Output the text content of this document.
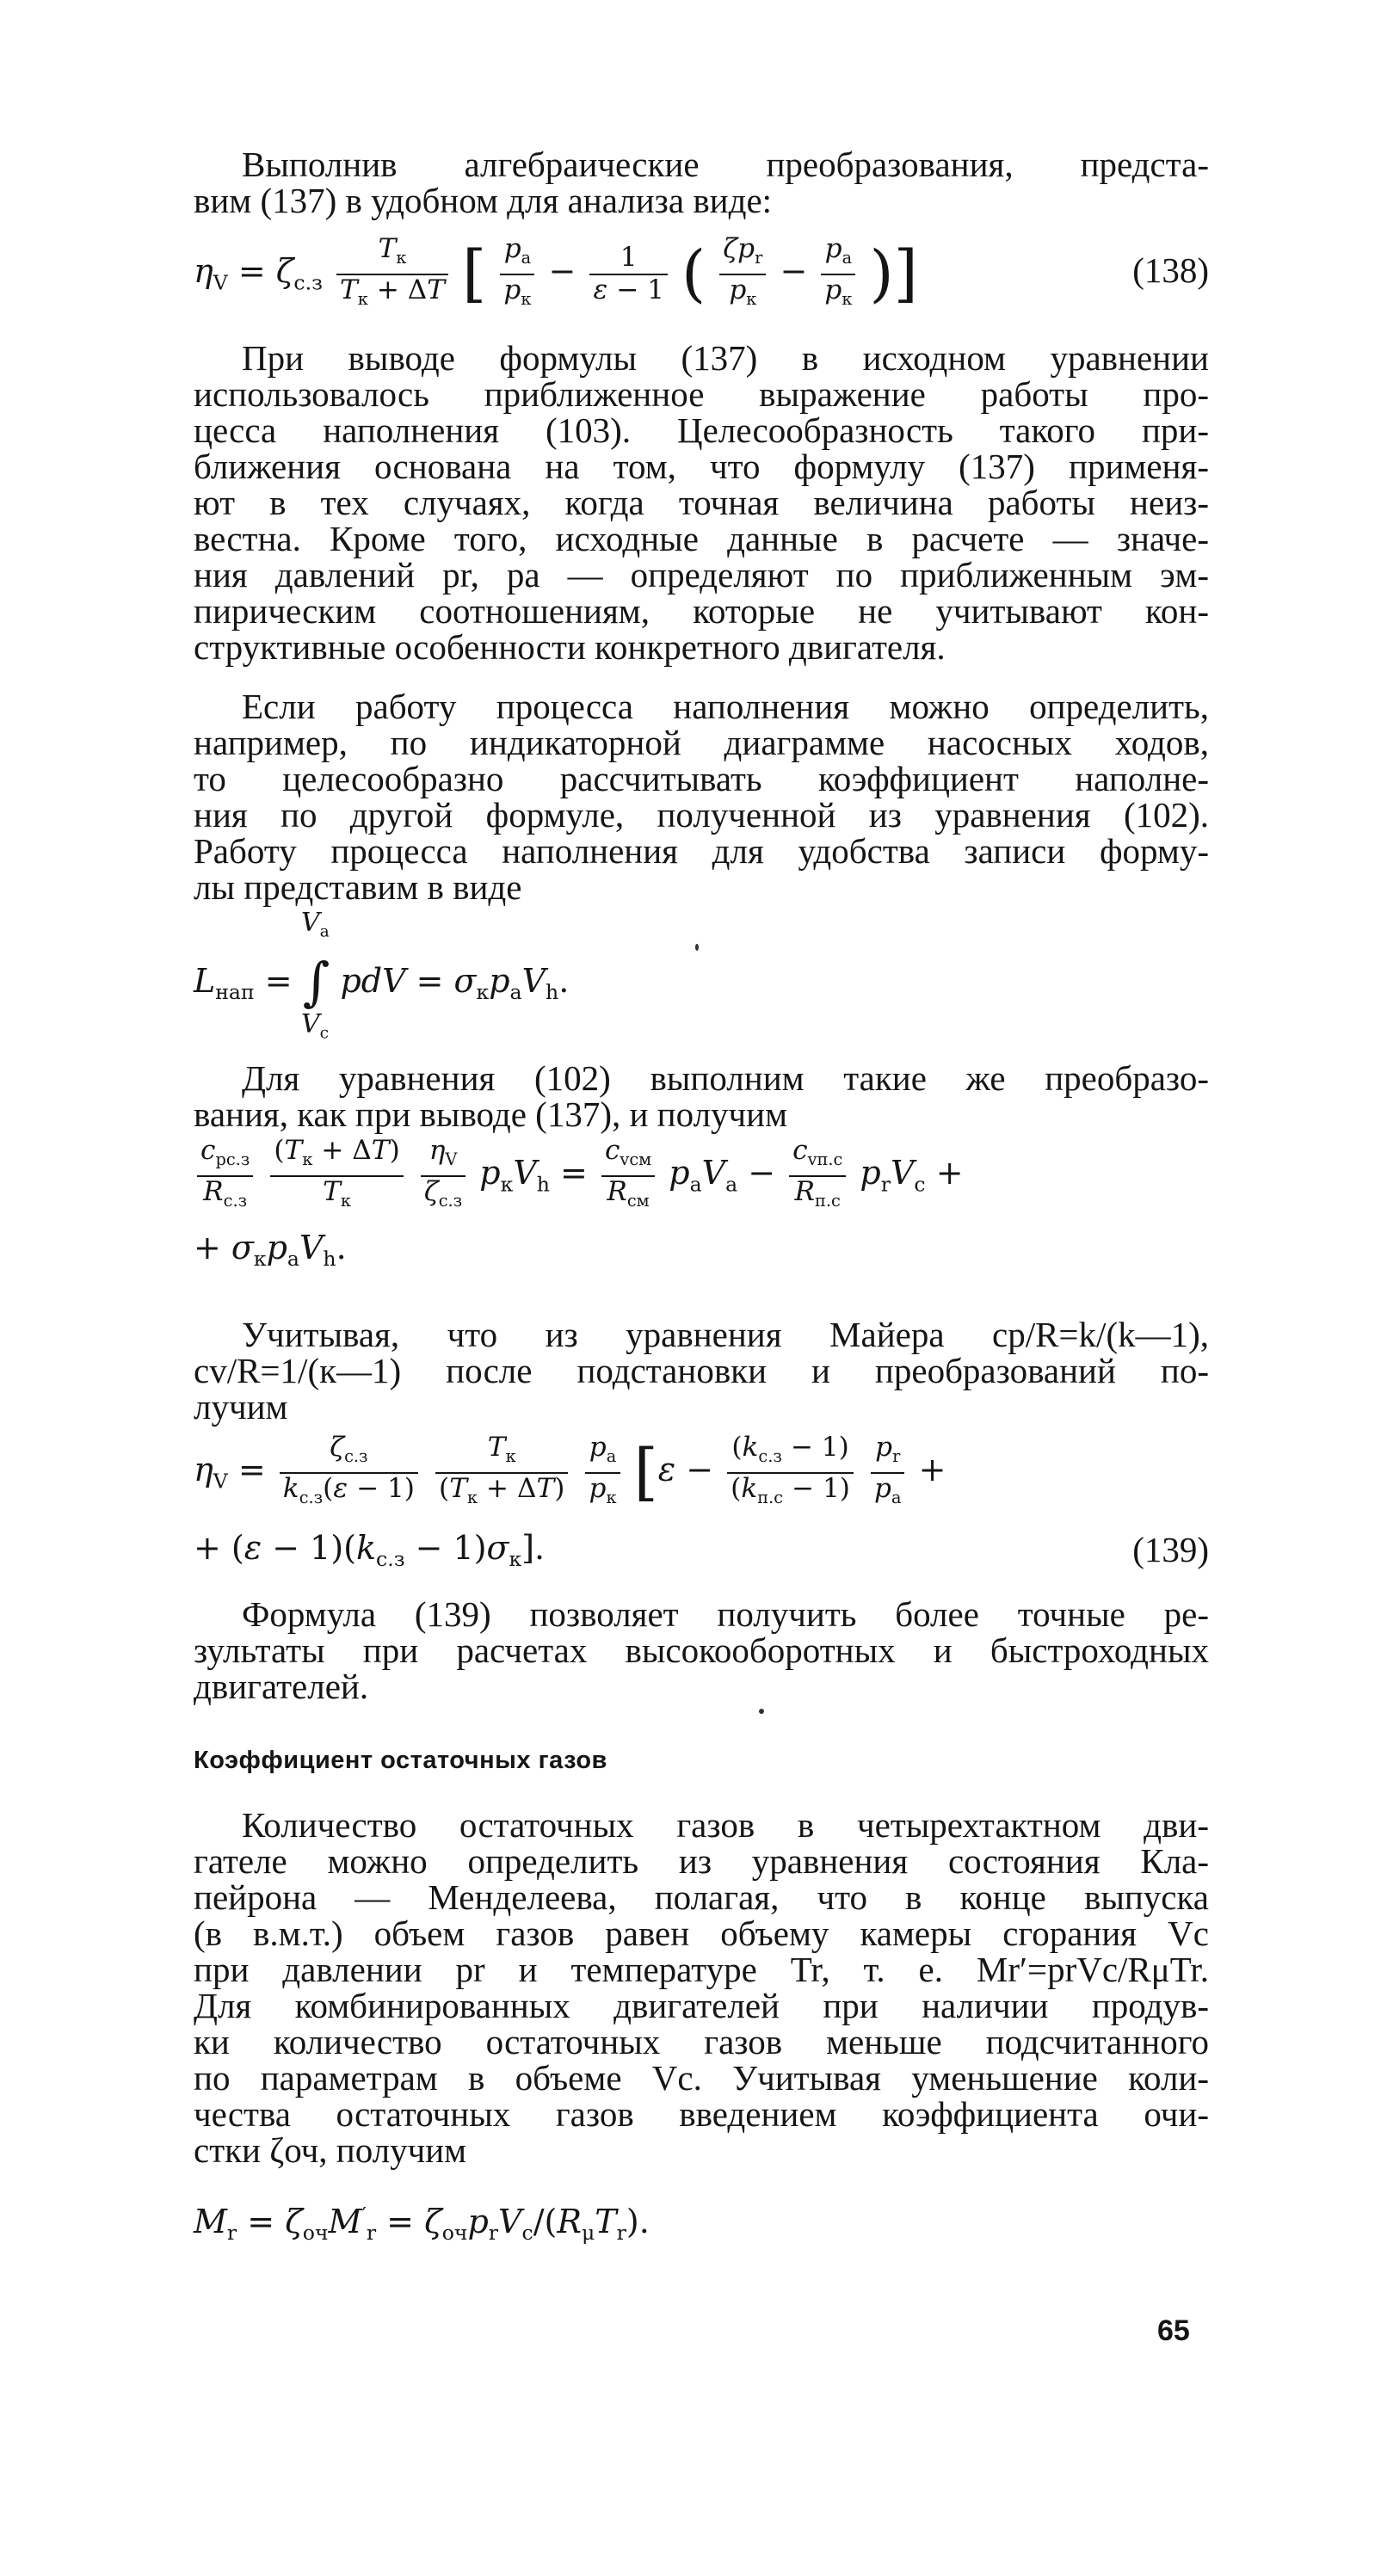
Выполнив алгебраические преобразования, предста-
вим (137) в удобном для анализа виде:

$\eta_V = \zeta_{с.з} \frac{T_к}{T_к + \Delta T}$ [ $\frac{p_a}{p_к} - \frac{1}{\varepsilon - 1}$ ( $\frac{\zeta p_r}{p_к} - \frac{p_a}{p_к}$ )]	(138)

При выводе формулы (137) в исходном уравнении
использовалось приближенное выражение работы про-
цесса наполнения (103). Целесообразность такого при-
ближения основана на том, что формулу (137) применя-
ют в тех случаях, когда точная величина работы неиз-
вестна. Кроме того, исходные данные в расчете — значе-
ния давлений pr, pa — определяют по приближенным эм-
пирическим соотношениям, которые не учитывают кон-
структивные особенности конкретного двигателя.

Если работу процесса наполнения можно определить,
например, по индикаторной диаграмме насосных ходов,
то целесообразно рассчитывать коэффициент наполне-
ния по другой формуле, полученной из уравнения (102).
Работу процесса наполнения для удобства записи форму-
лы представим в виде

$V_a$
$L_{нап}$ = ∫ pdV = $\sigma_кp_aV_h$.
$V_c$

Для уравнения (102) выполним такие же преобразо-
вания, как при выводе (137), и получим

$\frac{c_{pс.з}}{R_{с.з}}$
$\frac{(T_к + \Delta T)}{T_к}$
$\frac{\eta_V}{\zeta_{с.з}} p_кV_h = \frac{c_{vсм}}{R_{см}} p_aV_a - \frac{c_{vп.с}}{R_{п.с}} p_rV_c$ +
+ $\sigma_кp_aV_h$.

Учитывая, что из уравнения Майера cp/R=k/(k—1),
cv/R=1/(к—1) после подстановки и преобразований по-
лучим

$\eta_V = \frac{\zeta_{с.з}}{k_{с.з}(\varepsilon - 1)}$
$\frac{T_к}{(T_к + \Delta T)}$
$\frac{p_a}{p_к} [\varepsilon - \frac{(k_{с.з} - 1)}{(k_{п.с} - 1)}$
$\frac{p_r}{p_a}$ +
+ $(\varepsilon - 1)(k_{с.з} - 1)\sigma_к$].	(139)

Формула (139) позволяет получить более точные ре-
зультаты при расчетах высокооборотных и быстроходных
двигателей.

Коэффициент остаточных газов

Количество остаточных газов в четырехтактном дви-
гателе можно определить из уравнения состояния Кла-
пейрона — Менделеева, полагая, что в конце выпуска
(в в.м.т.) объем газов равен объему камеры сгорания Vc
при давлении pr и температуре Tr, т. е. Mr′=prVc/RμTr.
Для комбинированных двигателей при наличии продув-
ки количество остаточных газов меньше подсчитанного
по параметрам в объеме Vc. Учитывая уменьшение коли-
чества остаточных газов введением коэффициента очи-
стки ζоч, получим

$M_r = \zeta_{оч}M'_r = \zeta_{оч}p_rV_c/(R_\mu T_r)$.
65
